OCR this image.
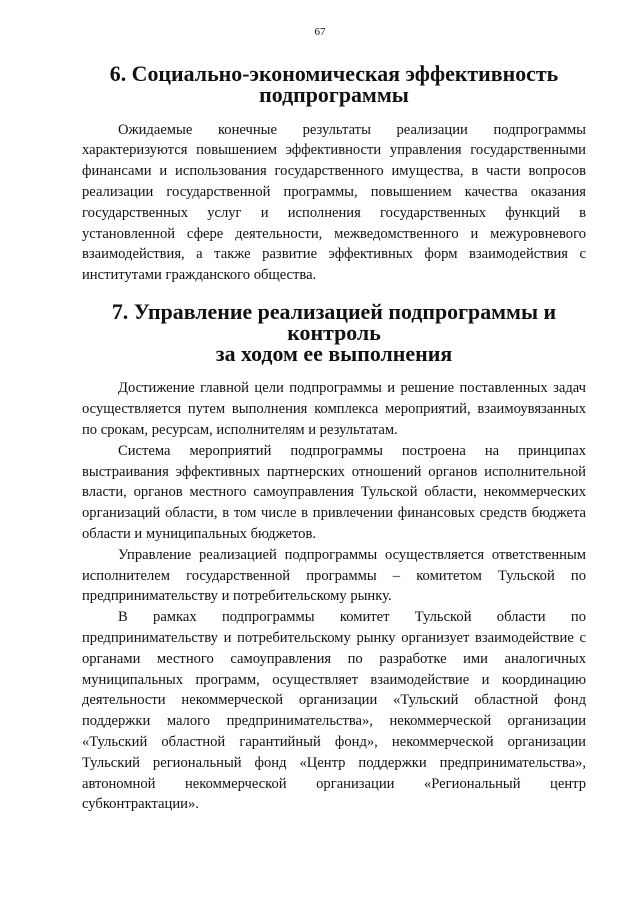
67
6. Социально-экономическая эффективность подпрограммы

Ожидаемые конечные результаты реализации подпрограммы характеризуются повышением эффективности управления государственными финансами и использования государственного имущества, в части вопросов реализации государственной программы, повышением качества оказания государственных услуг и исполнения государственных функций в установленной сфере деятельности, межведомственного и межуровневого взаимодействия, а также развитие эффективных форм взаимодействия с институтами гражданского общества.

7. Управление реализацией подпрограммы и контроль
за ходом ее выполнения

Достижение главной цели подпрограммы и решение поставленных задач осуществляется путем выполнения комплекса мероприятий, взаимоувязанных по срокам, ресурсам, исполнителям и результатам.

Система мероприятий подпрограммы построена на принципах выстраивания эффективных партнерских отношений органов исполнительной власти, органов местного самоуправления Тульской области, некоммерческих организаций области, в том числе в привлечении финансовых средств бюджета области и муниципальных бюджетов.

Управление реализацией подпрограммы осуществляется ответственным исполнителем государственной программы – комитетом Тульской по предпринимательству и потребительскому рынку.

В рамках подпрограммы комитет Тульской области по предпринимательству и потребительскому рынку организует взаимодействие с органами местного самоуправления по разработке ими аналогичных муниципальных программ, осуществляет взаимодействие и координацию деятельности некоммерческой организации «Тульский областной фонд поддержки малого предпринимательства», некоммерческой организации «Тульский областной гарантийный фонд», некоммерческой организации Тульский региональный фонд «Центр поддержки предпринимательства», автономной некоммерческой организации «Региональный центр субконтрактации».
